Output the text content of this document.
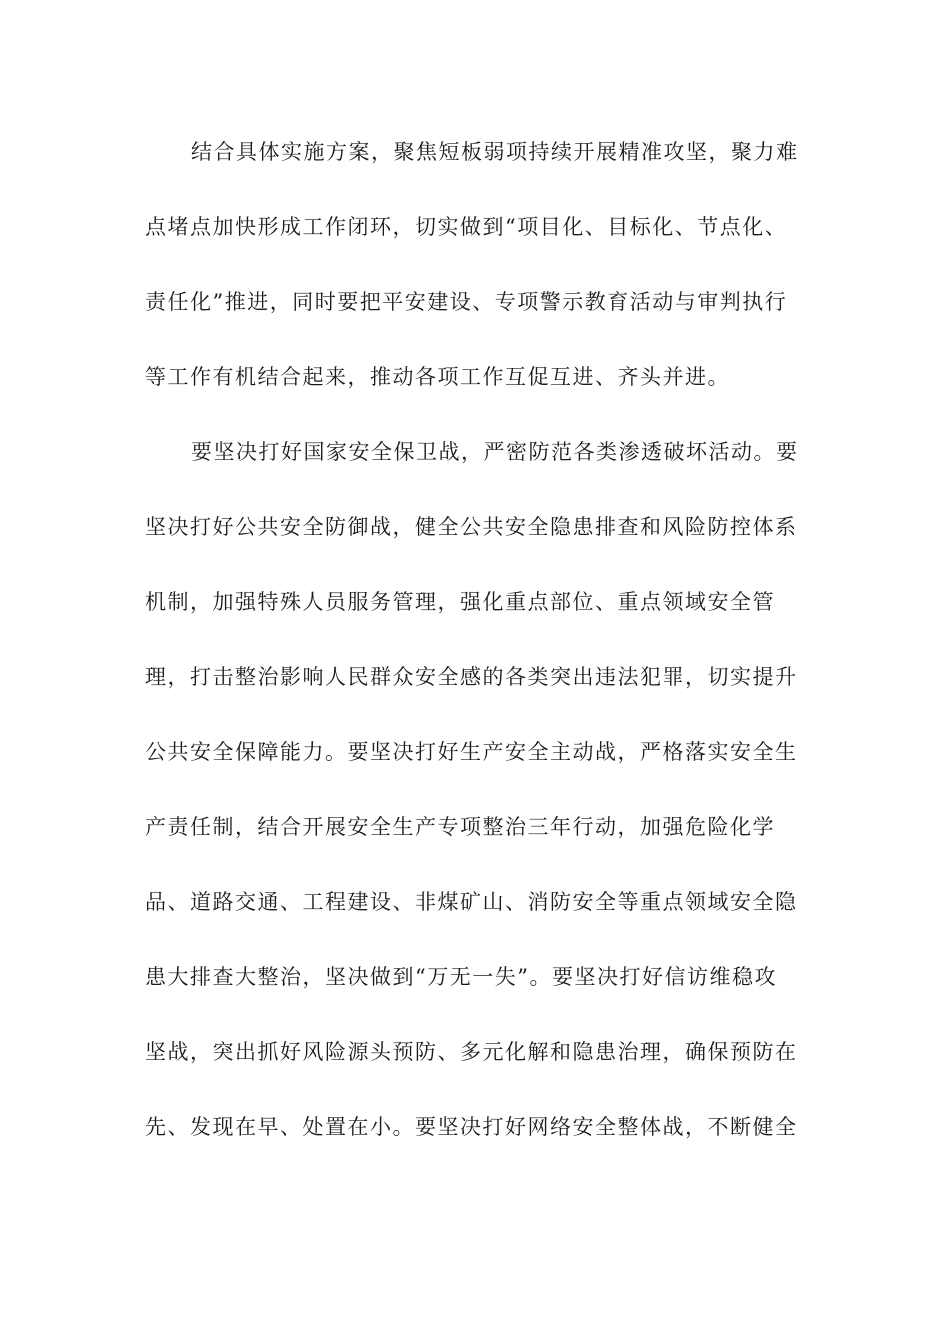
结合具体实施方案，聚焦短板弱项持续开展精准攻坚，聚力难
点堵点加快形成工作闭环，切实做到“项目化、目标化、节点化、
责任化”推进，同时要把平安建设、专项警示教育活动与审判执行
等工作有机结合起来，推动各项工作互促互进、齐头并进。
要坚决打好国家安全保卫战，严密防范各类渗透破坏活动。要
坚决打好公共安全防御战，健全公共安全隐患排查和风险防控体系
机制，加强特殊人员服务管理，强化重点部位、重点领域安全管
理，打击整治影响人民群众安全感的各类突出违法犯罪，切实提升
公共安全保障能力。要坚决打好生产安全主动战，严格落实安全生
产责任制，结合开展安全生产专项整治三年行动，加强危险化学
品、道路交通、工程建设、非煤矿山、消防安全等重点领域安全隐
患大排查大整治，坚决做到“万无一失”。要坚决打好信访维稳攻
坚战，突出抓好风险源头预防、多元化解和隐患治理，确保预防在
先、发现在早、处置在小。要坚决打好网络安全整体战，不断健全
